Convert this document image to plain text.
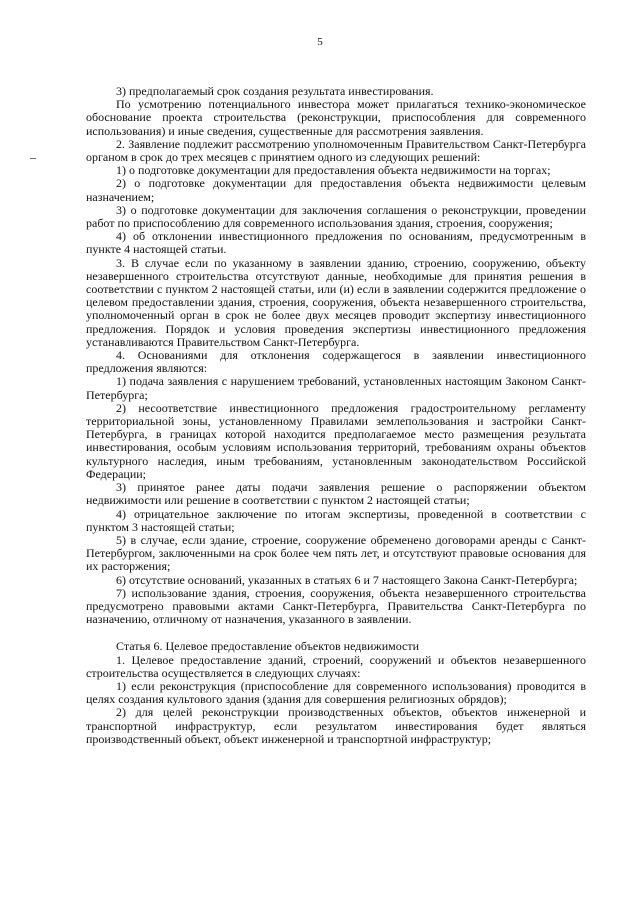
5

3) предполагаемый срок создания результата инвестирования.

По усмотрению потенциального инвестора может прилагаться технико-экономическое обоснование проекта строительства (реконструкции, приспособления для современного использования) и иные сведения, существенные для рассмотрения заявления.

2. Заявление подлежит рассмотрению уполномоченным Правительством Санкт-Петербурга органом в срок до трех месяцев с принятием одного из следующих решений:

1) о подготовке документации для предоставления объекта недвижимости на торгах;

2) о подготовке документации для предоставления объекта недвижимости целевым назначением;

3) о подготовке документации для заключения соглашения о реконструкции, проведении работ по приспособлению для современного использования здания, строения, сооружения;

4) об отклонении инвестиционного предложения по основаниям, предусмотренным в пункте 4 настоящей статьи.

3. В случае если по указанному в заявлении зданию, строению, сооружению, объекту незавершенного строительства отсутствуют данные, необходимые для принятия решения в соответствии с пунктом 2 настоящей статьи, или (и) если в заявлении содержится предложение о целевом предоставлении здания, строения, сооружения, объекта незавершенного строительства, уполномоченный орган в срок не более двух месяцев проводит экспертизу инвестиционного предложения. Порядок и условия проведения экспертизы инвестиционного предложения устанавливаются Правительством Санкт-Петербурга.

4. Основаниями для отклонения содержащегося в заявлении инвестиционного предложения являются:

1) подача заявления с нарушением требований, установленных настоящим Законом Санкт-Петербурга;

2) несоответствие инвестиционного предложения градостроительному регламенту территориальной зоны, установленному Правилами землепользования и застройки Санкт-Петербурга, в границах которой находится предполагаемое место размещения результата инвестирования, особым условиям использования территорий, требованиям охраны объектов культурного наследия, иным требованиям, установленным законодательством Российской Федерации;

3) принятое ранее даты подачи заявления решение о распоряжении объектом недвижимости или решение в соответствии с пунктом 2 настоящей статьи;

4) отрицательное заключение по итогам экспертизы, проведенной в соответствии с пунктом 3 настоящей статьи;

5) в случае, если здание, строение, сооружение обременено договорами аренды с Санкт-Петербургом, заключенными на срок более чем пять лет, и отсутствуют правовые основания для их расторжения;

6) отсутствие оснований, указанных в статьях 6 и 7 настоящего Закона Санкт-Петербурга;

7) использование здания, строения, сооружения, объекта незавершенного строительства предусмотрено правовыми актами Санкт-Петербурга, Правительства Санкт-Петербурга по назначению, отличному от назначения, указанного в заявлении.

Статья 6. Целевое предоставление объектов недвижимости

1. Целевое предоставление зданий, строений, сооружений и объектов незавершенного строительства осуществляется в следующих случаях:

1) если реконструкция (приспособление для современного использования) проводится в целях создания культового здания (здания для совершения религиозных обрядов);

2) для целей реконструкции производственных объектов, объектов инженерной и транспортной инфраструктур, если результатом инвестирования будет являться производственный объект, объект инженерной и транспортной инфраструктур;
